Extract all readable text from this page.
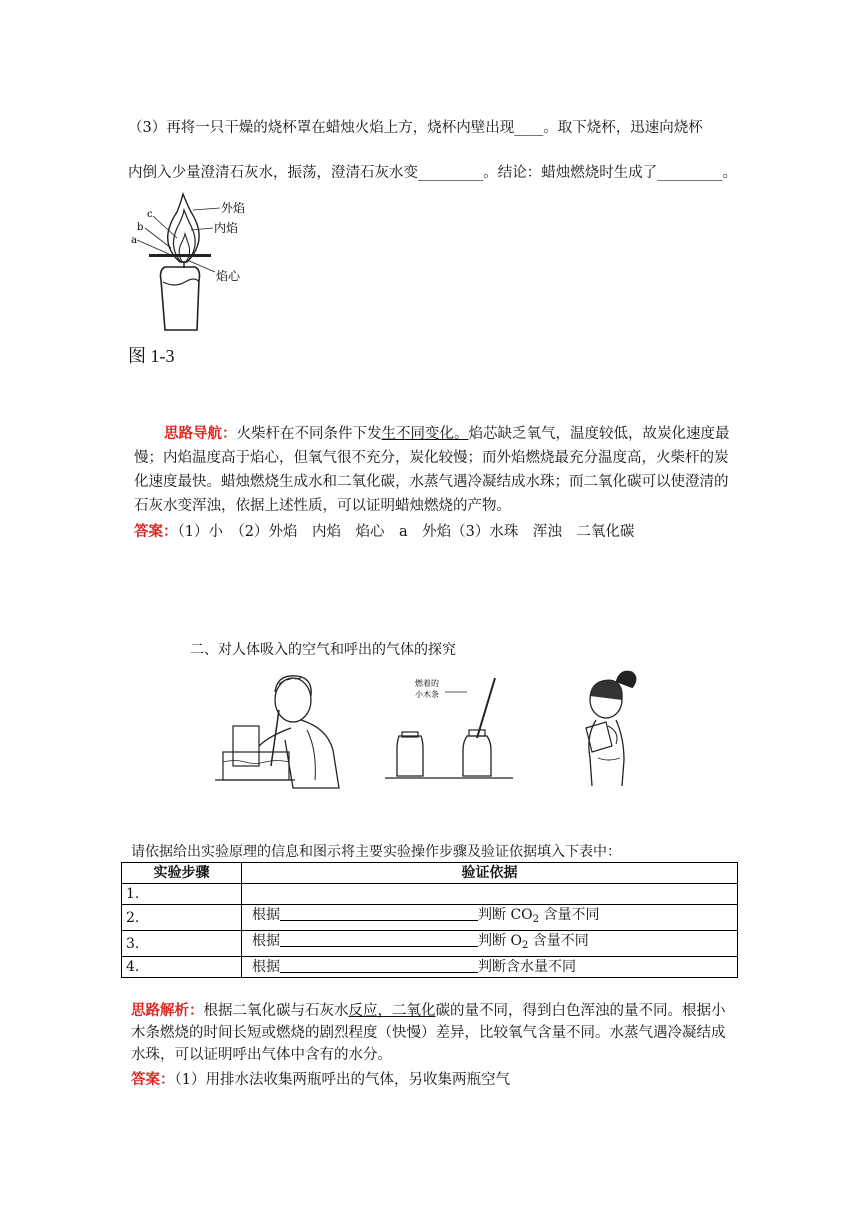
（3）再将一只干燥的烧杯罩在蜡烛火焰上方，烧杯内壁出现____。取下烧杯，迅速向烧杯
内倒入少量澄清石灰水，振荡，澄清石灰水变_________。结论：蜡烛燃烧时生成了_________。
外焰
内焰
焰心
c
b
a
图 1-3
思路导航：火柴杆在不同条件下发生不同变化。焰芯缺乏氧气，温度较低，故炭化速度最慢；内焰温度高于焰心，但氧气很不充分，炭化较慢；而外焰燃烧最充分温度高，火柴杆的炭化速度最快。蜡烛燃烧生成水和二氧化碳，水蒸气遇冷凝结成水珠；而二氧化碳可以使澄清的石灰水变浑浊，依据上述性质，可以证明蜡烛燃烧的产物。
答案：（1）小　（2）外焰　内焰　焰心　a　外焰（3）水珠　浑浊　二氧化碳
二、对人体吸入的空气和呼出的气体的探究
燃着的
小木条
请依据给出实验原理的信息和图示将主要实验操作步骤及验证依据填入下表中：
实验步骤	验证依据
1.	
2.	根据 判断 $CO_2$ 含量不同
3.	根据 判断 $O_2$ 含量不同
4.	根据 判断含水量不同
思路解析：根据二氧化碳与石灰水反应，二氧化碳的量不同，得到白色浑浊的量不同。根据小木条燃烧的时间长短或燃烧的剧烈程度（快慢）差异，比较氧气含量不同。水蒸气遇冷凝结成水珠，可以证明呼出气体中含有的水分。
答案：（1）用排水法收集两瓶呼出的气体，另收集两瓶空气
